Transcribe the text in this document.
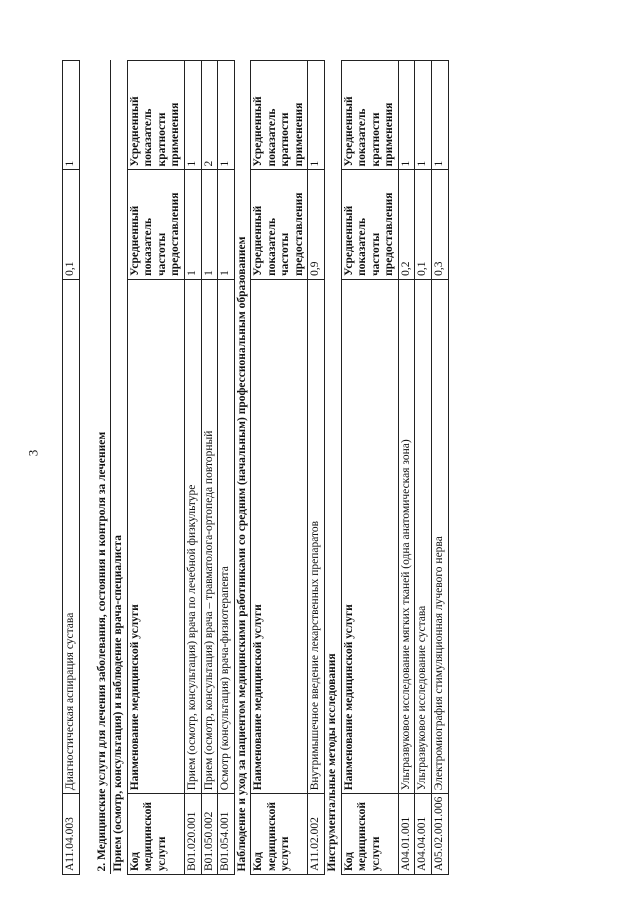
3
A11.04.003	Диагностическая аспирация сустава	0,1	1

2. Медицинские услуги для лечения заболевания, состояния и контроля за лечением			
Прием (осмотр, консультация) и наблюдение врача-специалиста			
Код медицинской услуги	Наименование медицинской услуги	Усредненный показатель частоты предоставления	Усредненный показатель кратности применения
B01.020.001	Прием (осмотр, консультация) врача по лечебной физкультуре	1	1
B01.050.002	Прием (осмотр, консультация) врача – травматолога-ортопеда повторный	1	2
B01.054.001	Осмотр (консультация) врача-физиотерапевта	1	1
Наблюдение и уход за пациентом медицинскими работниками со средним (начальным) профессиональным образованием			
Код медицинской услуги	Наименование медицинской услуги	Усредненный показатель частоты предоставления	Усредненный показатель кратности применения
A11.02.002	Внутримышечное введение лекарственных препаратов	0,9	1
Инструментальные методы исследования			
Код медицинской услуги	Наименование медицинской услуги	Усредненный показатель частоты предоставления	Усредненный показатель кратности применения
A04.01.001	Ультразвуковое исследование мягких тканей (одна анатомическая зона)	0,2	1
A04.04.001	Ультразвуковое исследование сустава	0,1	1
A05.02.001.006	Электромиография стимуляционная лучевого нерва	0,3	1
